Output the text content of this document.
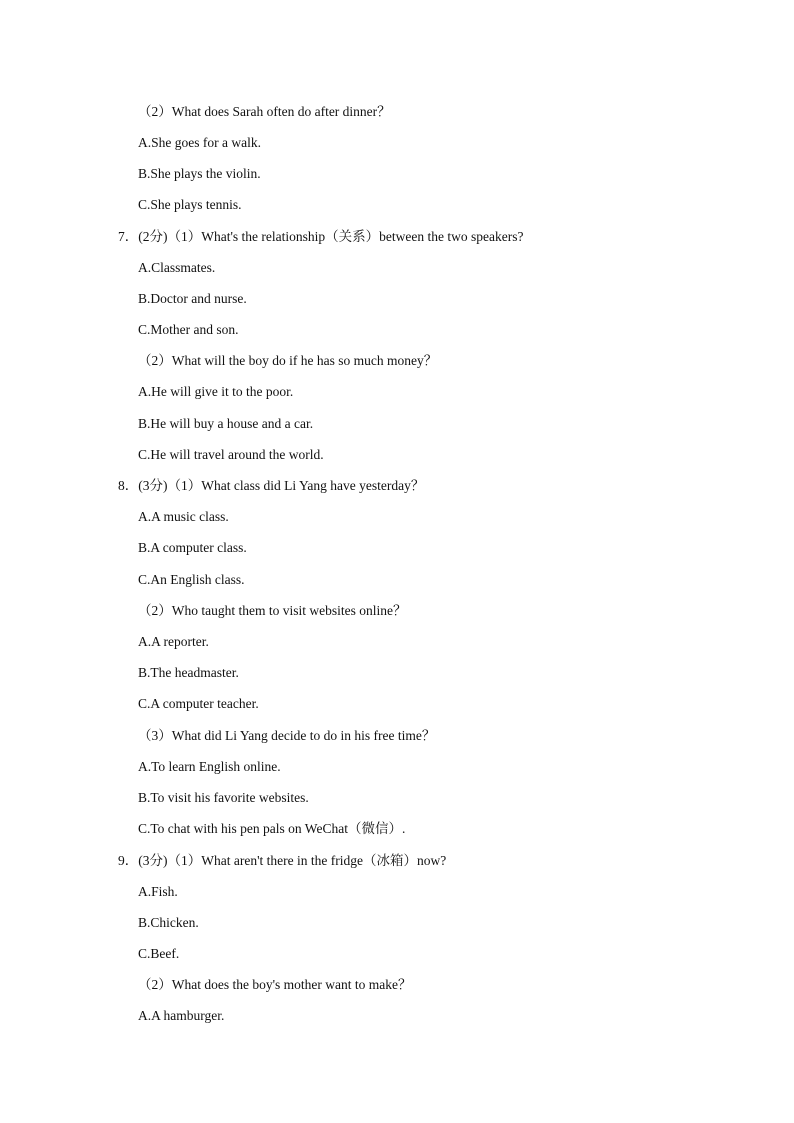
（2）What does Sarah often do after dinner？
A.She goes for a walk.
B.She plays the violin.
C.She plays tennis.
7．(2分)（1）What's the relationship（关系）between the two speakers?
A.Classmates.
B.Doctor and nurse.
C.Mother and son.
（2）What will the boy do if he has so much money？
A.He will give it to the poor.
B.He will buy a house and a car.
C.He will travel around the world.
8．(3分)（1）What class did Li Yang have yesterday？
A.A music class.
B.A computer class.
C.An English class.
（2）Who taught them to visit websites online？
A.A reporter.
B.The headmaster.
C.A computer teacher.
（3）What did Li Yang decide to do in his free time？
A.To learn English online.
B.To visit his favorite websites.
C.To chat with his pen pals on WeChat（微信）.
9．(3分)（1）What aren't there in the fridge（冰箱）now?
A.Fish.
B.Chicken.
C.Beef.
（2）What does the boy's mother want to make？
A.A hamburger.
